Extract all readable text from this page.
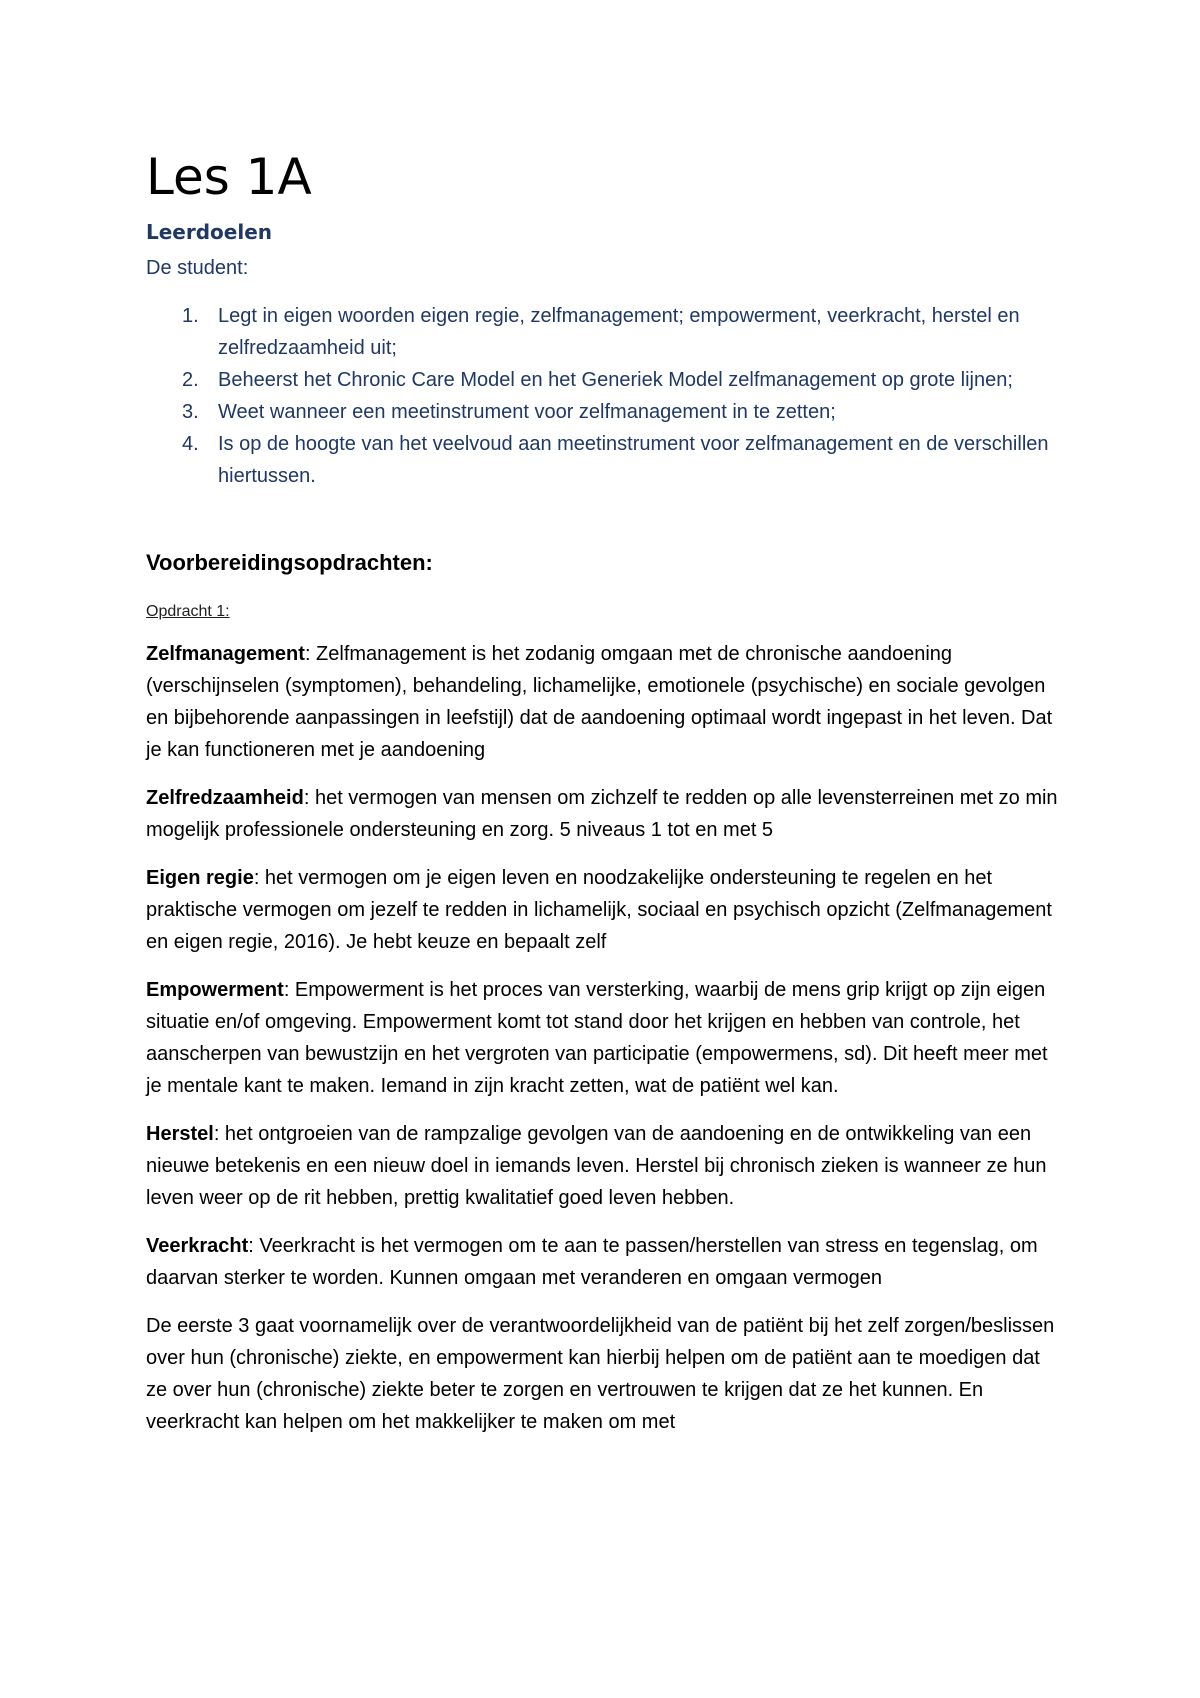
Les 1A
Leerdoelen

De student:

1. Legt in eigen woorden eigen regie, zelfmanagement; empowerment, veerkracht, herstel en zelfredzaamheid uit;
2. Beheerst het Chronic Care Model en het Generiek Model zelfmanagement op grote lijnen;
3. Weet wanneer een meetinstrument voor zelfmanagement in te zetten;
4. Is op de hoogte van het veelvoud aan meetinstrument voor zelfmanagement en de verschillen hiertussen.
Voorbereidingsopdrachten:

Opdracht 1:

Zelfmanagement: Zelfmanagement is het zodanig omgaan met de chronische aandoening (verschijnselen (symptomen), behandeling, lichamelijke, emotionele (psychische) en sociale gevolgen en bijbehorende aanpassingen in leefstijl) dat de aandoening optimaal wordt ingepast in het leven. Dat je kan functioneren met je aandoening

Zelfredzaamheid: het vermogen van mensen om zichzelf te redden op alle levensterreinen met zo min mogelijk professionele ondersteuning en zorg. 5 niveaus 1 tot en met 5

Eigen regie: het vermogen om je eigen leven en noodzakelijke ondersteuning te regelen en het praktische vermogen om jezelf te redden in lichamelijk, sociaal en psychisch opzicht (Zelfmanagement en eigen regie, 2016). Je hebt keuze en bepaalt zelf

Empowerment: Empowerment is het proces van versterking, waarbij de mens grip krijgt op zijn eigen situatie en/of omgeving. Empowerment komt tot stand door het krijgen en hebben van controle, het aanscherpen van bewustzijn en het vergroten van participatie (empowermens, sd). Dit heeft meer met je mentale kant te maken. Iemand in zijn kracht zetten, wat de patiënt wel kan.

Herstel: het ontgroeien van de rampzalige gevolgen van de aandoening en de ontwikkeling van een nieuwe betekenis en een nieuw doel in iemands leven. Herstel bij chronisch zieken is wanneer ze hun leven weer op de rit hebben, prettig kwalitatief goed leven hebben.

Veerkracht: Veerkracht is het vermogen om te aan te passen/herstellen van stress en tegenslag, om daarvan sterker te worden. Kunnen omgaan met veranderen en omgaan vermogen

De eerste 3 gaat voornamelijk over de verantwoordelijkheid van de patiënt bij het zelf zorgen/beslissen over hun (chronische) ziekte, en empowerment kan hierbij helpen om de patiënt aan te moedigen dat ze over hun (chronische) ziekte beter te zorgen en vertrouwen te krijgen dat ze het kunnen. En veerkracht kan helpen om het makkelijker te maken om met
